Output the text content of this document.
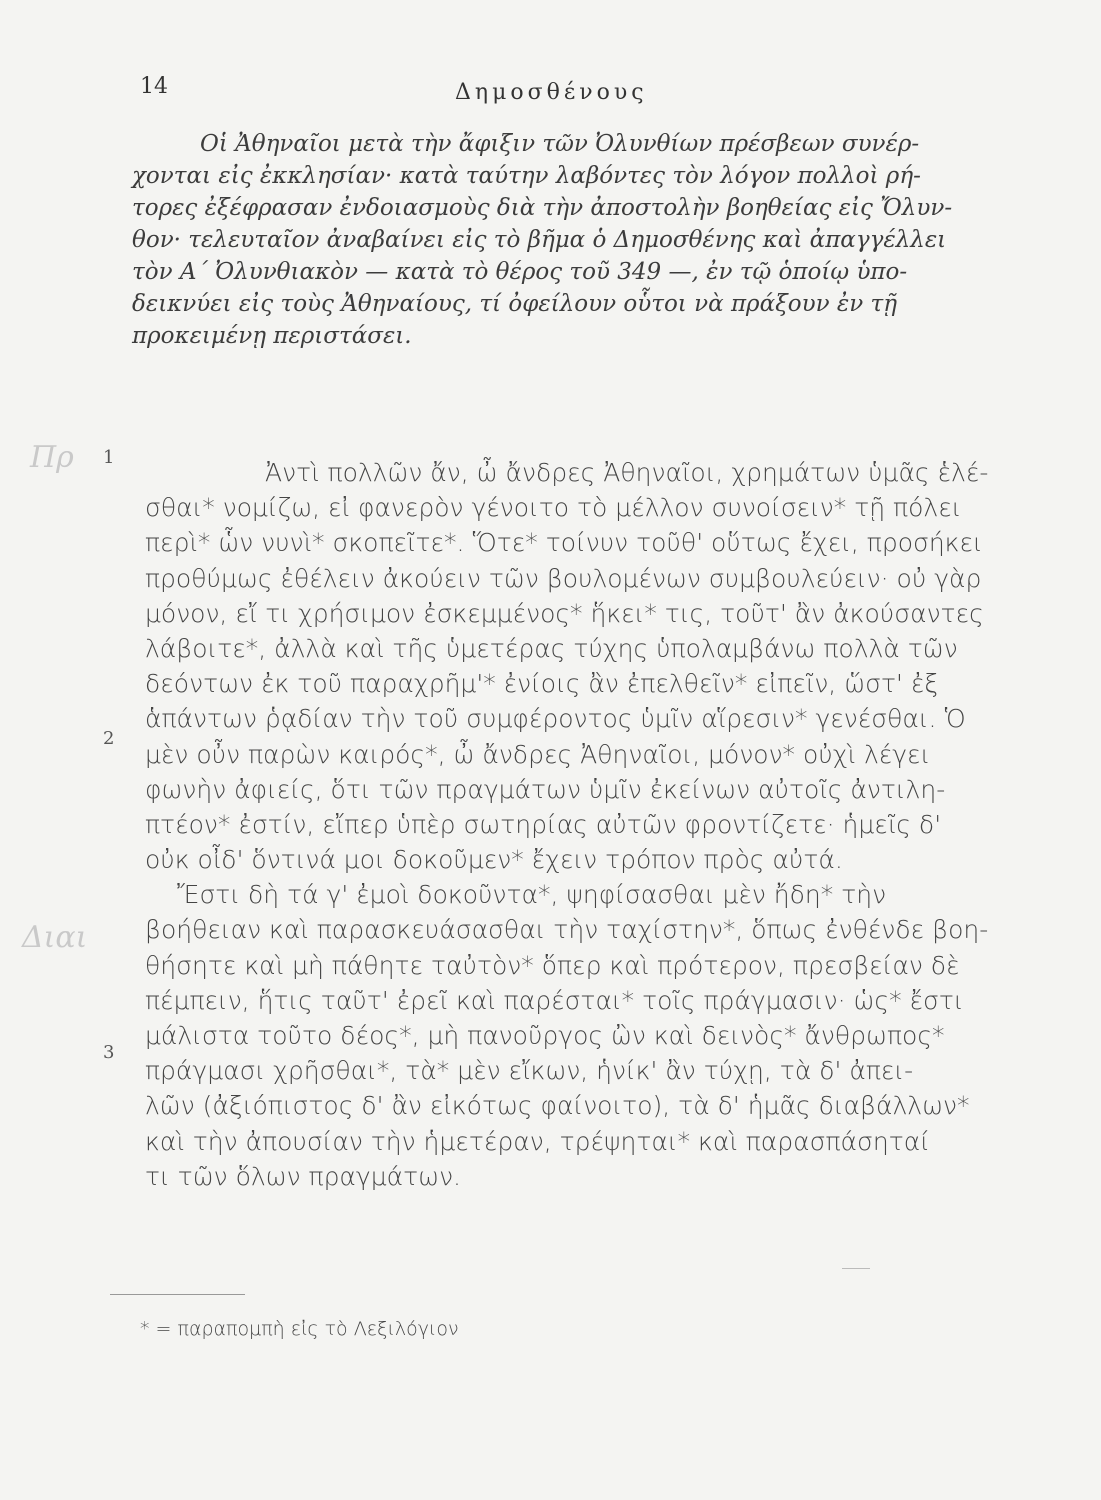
14	Δημοσθένους
Οἱ Ἀθηναῖοι μετὰ τὴν ἄφιξιν τῶν Ὀλυνθίων πρέσβεων συνέρ-
χονται εἰς ἐκκλησίαν· κατὰ ταύτην λαβόντες τὸν λόγον πολλοὶ ρή-
τορες ἐξέφρασαν ἐνδοιασμοὺς διὰ τὴν ἀποστολὴν βοηθείας εἰς Ὄλυν-
θον· τελευταῖον ἀναβαίνει εἰς τὸ βῆμα ὁ Δημοσθένης καὶ ἀπαγγέλλει
τὸν Α΄ Ὀλυνθιακὸν — κατὰ τὸ θέρος τοῦ 349 —, ἐν τῷ ὁποίῳ ὑπο-
δεικνύει εἰς τοὺς Ἀθηναίους, τί ὀφείλουν οὗτοι νὰ πράξουν ἐν τῇ
προκειμένῃ περιστάσει.
Πρ
Διαι
1
2
3
Ἀντὶ πολλῶν ἄν, ὦ ἄνδρες Ἀθηναῖοι, χρημάτων ὑμᾶς ἑλέ-
σθαι* νομίζω, εἰ φανερὸν γένοιτο τὸ μέλλον συνοίσειν* τῇ πόλει
περὶ* ὧν νυνὶ* σκοπεῖτε*. Ὅτε* τοίνυν τοῦθ' οὕτως ἔχει, προσήκει
προθύμως ἐθέλειν ἀκούειν τῶν βουλομένων συμβουλεύειν· οὐ γὰρ
μόνον, εἴ τι χρήσιμον ἐσκεμμένος* ἥκει* τις, τοῦτ' ἂν ἀκούσαντες
λάβοιτε*, ἀλλὰ καὶ τῆς ὑμετέρας τύχης ὑπολαμβάνω πολλὰ τῶν
δεόντων ἐκ τοῦ παραχρῆμ'* ἐνίοις ἂν ἐπελθεῖν* εἰπεῖν, ὥστ' ἐξ
ἁπάντων ῥᾳδίαν τὴν τοῦ συμφέροντος ὑμῖν αἵρεσιν* γενέσθαι. Ὁ
μὲν οὖν παρὼν καιρός*, ὦ ἄνδρες Ἀθηναῖοι, μόνον* οὐχὶ λέγει
φωνὴν ἀφιείς, ὅτι τῶν πραγμάτων ὑμῖν ἐκείνων αὐτοῖς ἀντιλη-
πτέον* ἐστίν, εἴπερ ὑπὲρ σωτηρίας αὐτῶν φροντίζετε· ἡμεῖς δ'
οὐκ οἶδ' ὅντινά μοι δοκοῦμεν* ἔχειν τρόπον πρὸς αὐτά.
Ἔστι δὴ τά γ' ἐμοὶ δοκοῦντα*, ψηφίσασθαι μὲν ἤδη* τὴν
βοήθειαν καὶ παρασκευάσασθαι τὴν ταχίστην*, ὅπως ἐνθένδε βοη-
θήσητε καὶ μὴ πάθητε ταὐτὸν* ὅπερ καὶ πρότερον, πρεσβείαν δὲ
πέμπειν, ἥτις ταῦτ' ἐρεῖ καὶ παρέσται* τοῖς πράγμασιν· ὡς* ἔστι
μάλιστα τοῦτο δέος*, μὴ πανοῦργος ὢν καὶ δεινὸς* ἄνθρωπος*
πράγμασι χρῆσθαι*, τὰ* μὲν εἴκων, ἡνίκ' ἂν τύχῃ, τὰ δ' ἀπει-
λῶν (ἀξιόπιστος δ' ἂν εἰκότως φαίνοιτο), τὰ δ' ἡμᾶς διαβάλλων*
καὶ τὴν ἀπουσίαν τὴν ἡμετέραν, τρέψηται* καὶ παρασπάσηταί
τι τῶν ὅλων πραγμάτων.
* = παραπομπὴ εἰς τὸ Λεξιλόγιον
